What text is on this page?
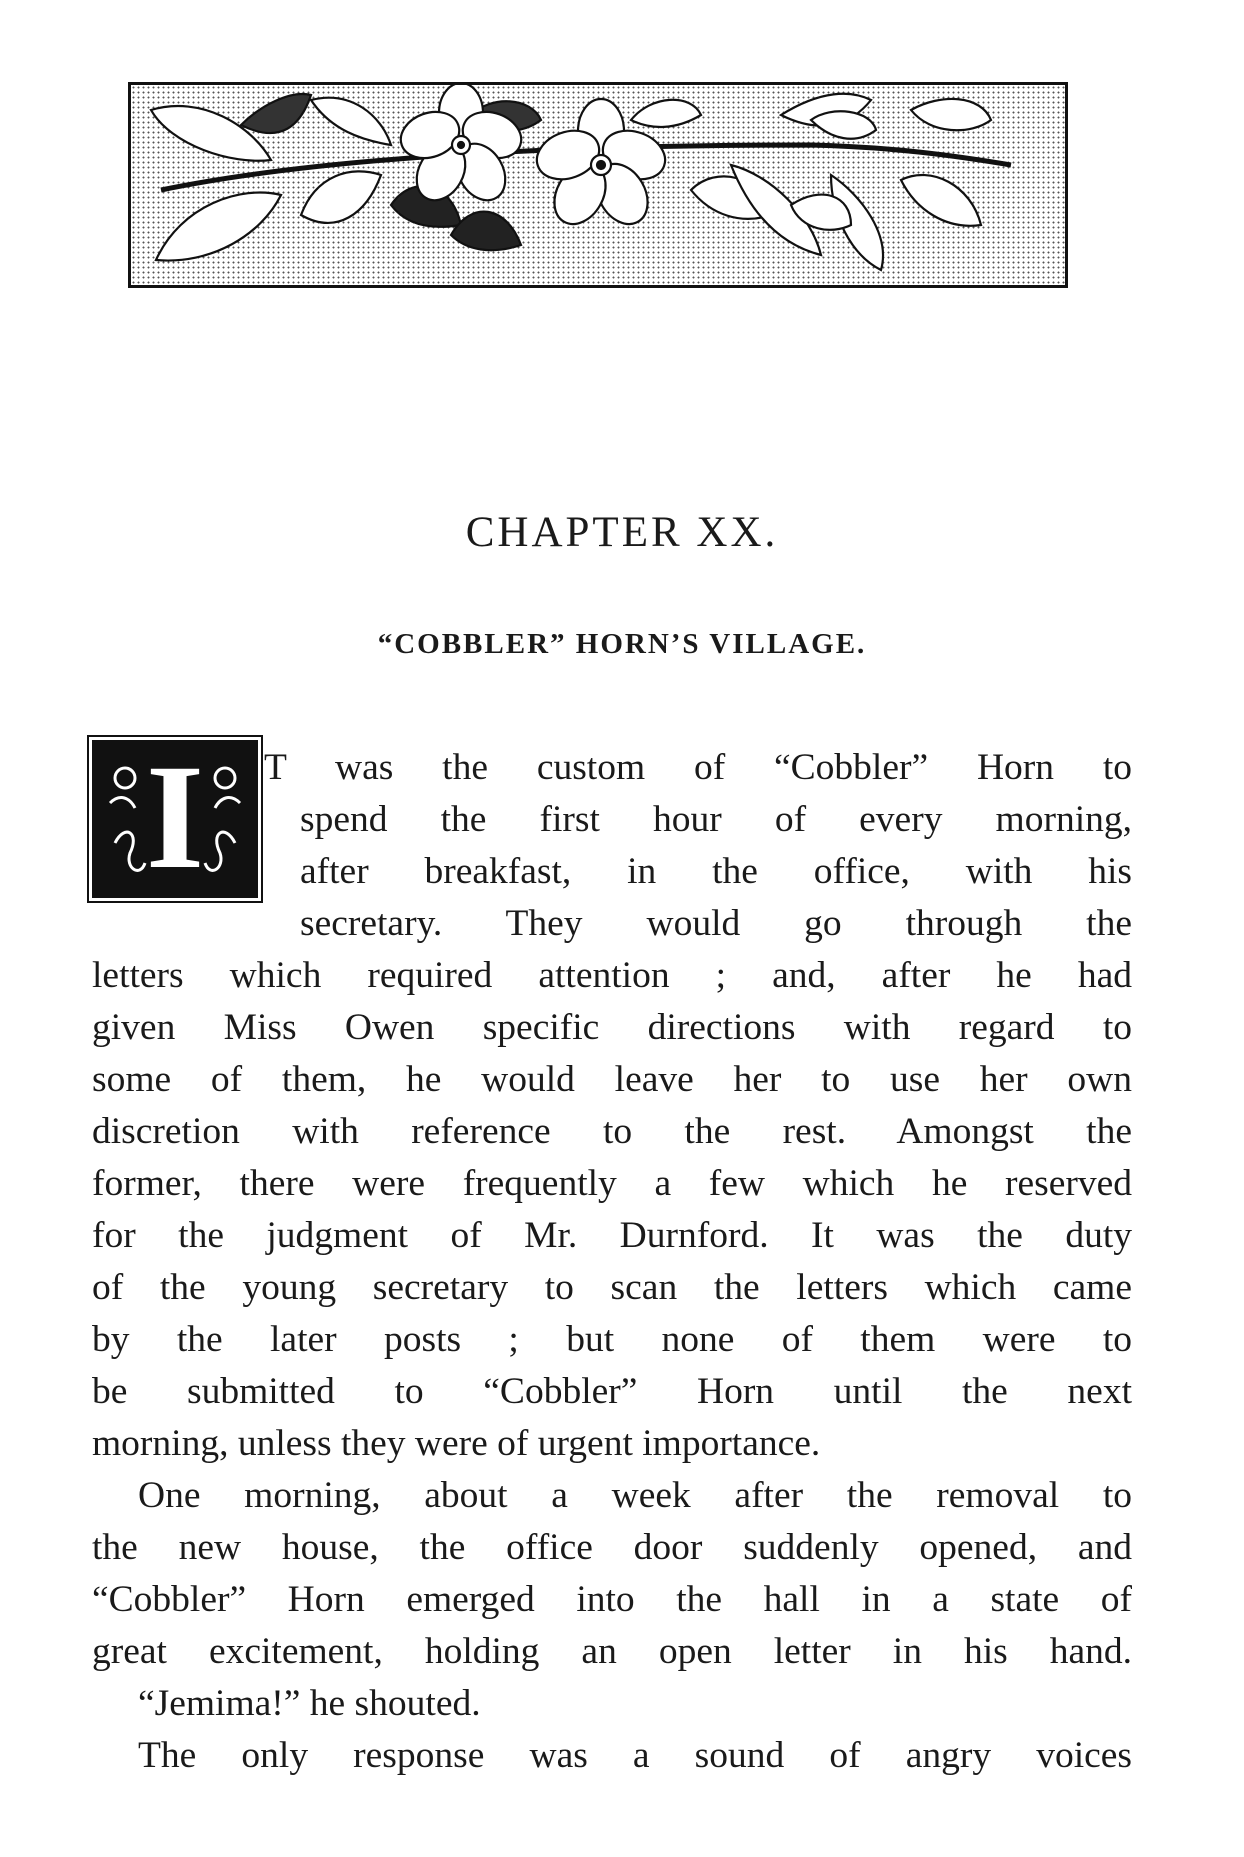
CHAPTER XX.
“COBBLER” HORN’S VILLAGE.
I	T was the custom of “Cobbler” Horn to

spend the first hour of every morning,

after breakfast, in the office, with his

secretary. They would go through the

letters which required attention ; and, after he had

given Miss Owen specific directions with regard to

some of them, he would leave her to use her own

discretion with reference to the rest. Amongst the

former, there were frequently a few which he reserved

for the judgment of Mr. Durnford. It was the duty

of the young secretary to scan the letters which came

by the later posts ; but none of them were to

be submitted to “Cobbler” Horn until the next

morning, unless they were of urgent importance.

One morning, about a week after the removal to

the new house, the office door suddenly opened, and

“Cobbler” Horn emerged into the hall in a state of

great excitement, holding an open letter in his hand.

“Jemima!” he shouted.

The only response was a sound of angry voices
